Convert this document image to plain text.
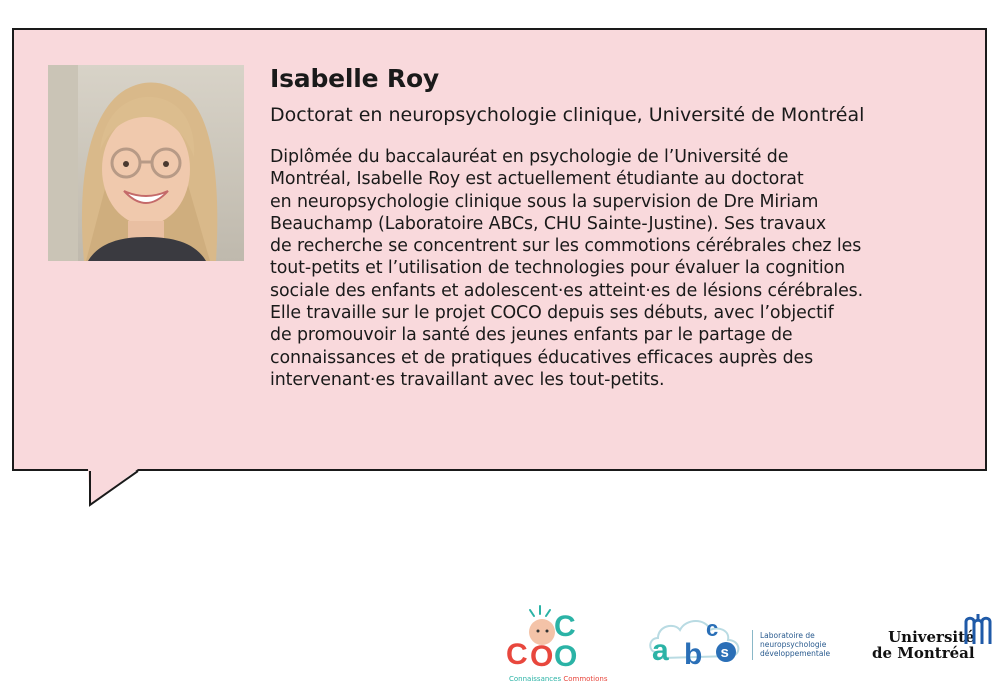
Isabelle Roy
Doctorat en neuropsychologie clinique, Université de Montréal
Diplômée du baccalauréat en psychologie de l’Université de
Montréal, Isabelle Roy est actuellement étudiante au doctorat
en neuropsychologie clinique sous la supervision de Dre Miriam
Beauchamp (Laboratoire ABCs, CHU Sainte-Justine). Ses travaux
de recherche se concentrent sur les commotions cérébrales chez les
tout-petits et l’utilisation de technologies pour évaluer la cognition
sociale des enfants et adolescent·es atteint·es de lésions cérébrales.
Elle travaille sur le projet COCO depuis ses débuts, avec l’objectif
de promouvoir la santé des jeunes enfants par le partage de
connaissances et de pratiques éducatives efficaces auprès des
intervenant·es travaillant avec les tout-petits.
C
C O O
Connaissances Commotions
a b
c
s
Laboratoire de
neuropsychologie
développementale
Université
de Montréal
